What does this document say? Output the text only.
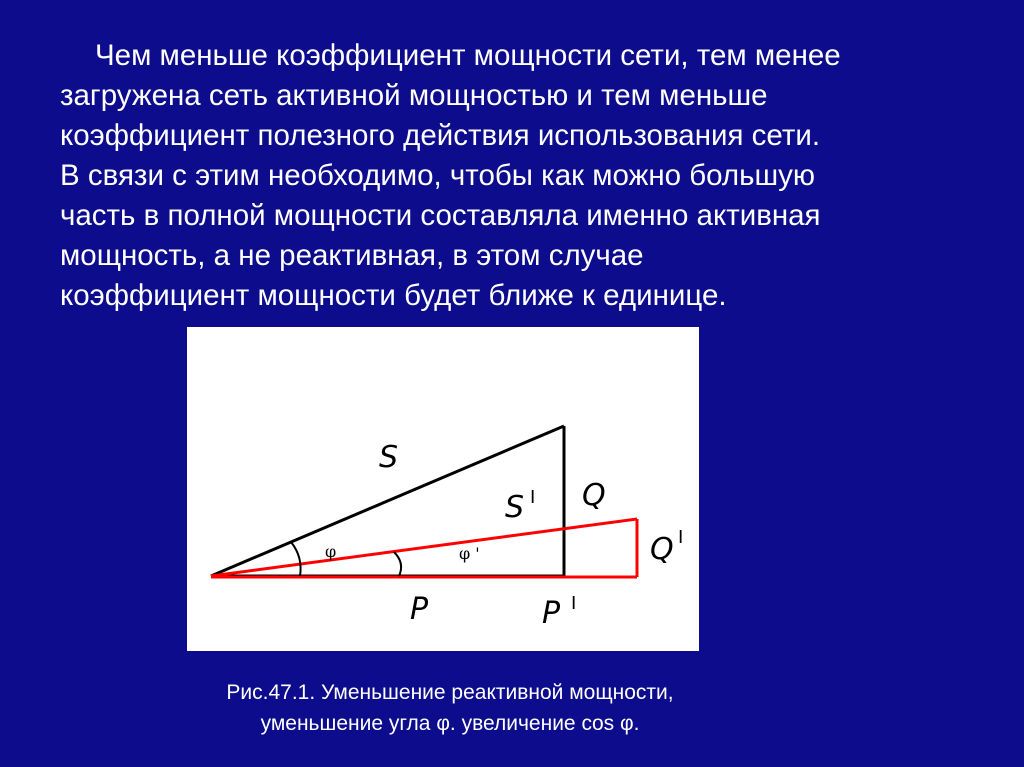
Чем меньше коэффициент мощности сети, тем менее
загружена сеть активной мощностью и тем меньше
коэффициент полезного действия использования сети.
В связи с этим необходимо, чтобы как можно большую
часть в полной мощности составляла именно активная
мощность, а не реактивная, в этом случае
коэффициент мощности будет ближе к единице.
S
S I Q
Q I
P	P I
φ	φ '
Рис.47.1. Уменьшение реактивной мощности,
уменьшение угла φ. увеличение cos φ.
